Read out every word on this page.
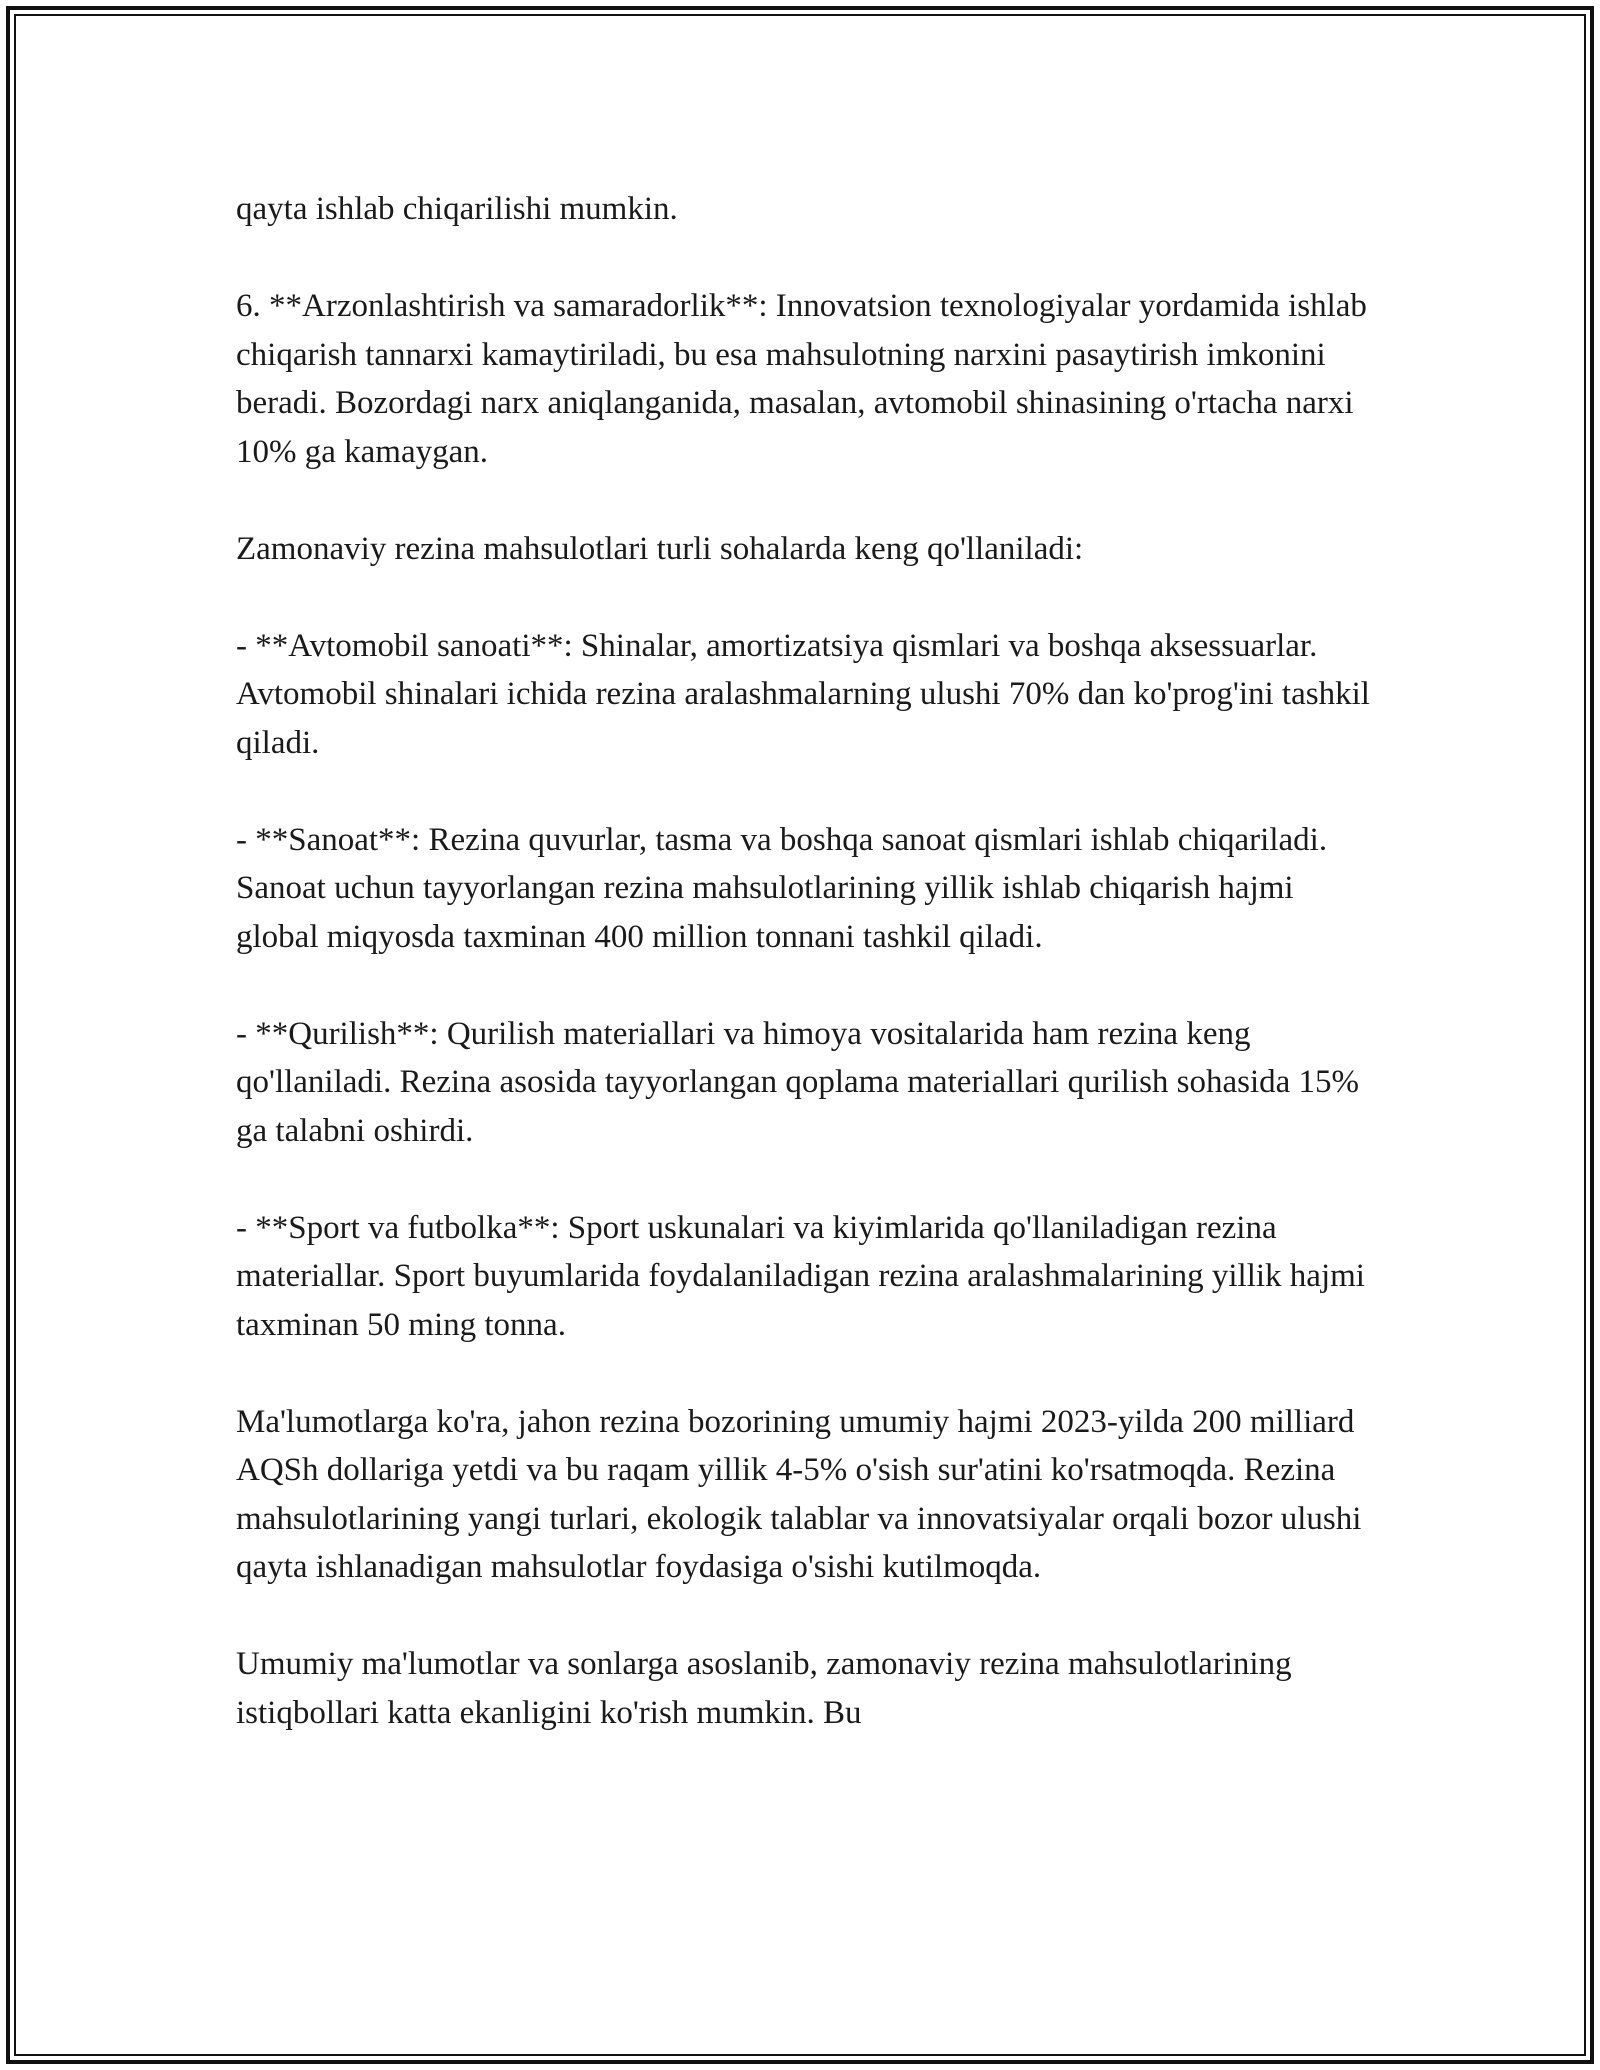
qayta ishlab chiqarilishi mumkin.

6. **Arzonlashtirish va samaradorlik**: Innovatsion texnologiyalar yordamida ishlab chiqarish tannarxi kamaytiriladi, bu esa mahsulotning narxini pasaytirish imkonini beradi. Bozordagi narx aniqlanganida, masalan, avtomobil shinasining o'rtacha narxi 10% ga kamaygan.

Zamonaviy rezina mahsulotlari turli sohalarda keng qo'llaniladi:

- **Avtomobil sanoati**: Shinalar, amortizatsiya qismlari va boshqa aksessuarlar. Avtomobil shinalari ichida rezina aralashmalarning ulushi 70% dan ko'prog'ini tashkil qiladi.

- **Sanoat**: Rezina quvurlar, tasma va boshqa sanoat qismlari ishlab chiqariladi. Sanoat uchun tayyorlangan rezina mahsulotlarining yillik ishlab chiqarish hajmi global miqyosda taxminan 400 million tonnani tashkil qiladi.

- **Qurilish**: Qurilish materiallari va himoya vositalarida ham rezina keng qo'llaniladi. Rezina asosida tayyorlangan qoplama materiallari qurilish sohasida 15% ga talabni oshirdi.

- **Sport va futbolka**: Sport uskunalari va kiyimlarida qo'llaniladigan rezina materiallar. Sport buyumlarida foydalaniladigan rezina aralashmalarining yillik hajmi taxminan 50 ming tonna.

Ma'lumotlarga ko'ra, jahon rezina bozorining umumiy hajmi 2023-yilda 200 milliard AQSh dollariga yetdi va bu raqam yillik 4-5% o'sish sur'atini ko'rsatmoqda. Rezina mahsulotlarining yangi turlari, ekologik talablar va innovatsiyalar orqali bozor ulushi qayta ishlanadigan mahsulotlar foydasiga o'sishi kutilmoqda.

Umumiy ma'lumotlar va sonlarga asoslanib, zamonaviy rezina mahsulotlarining istiqbollari katta ekanligini ko'rish mumkin. Bu
